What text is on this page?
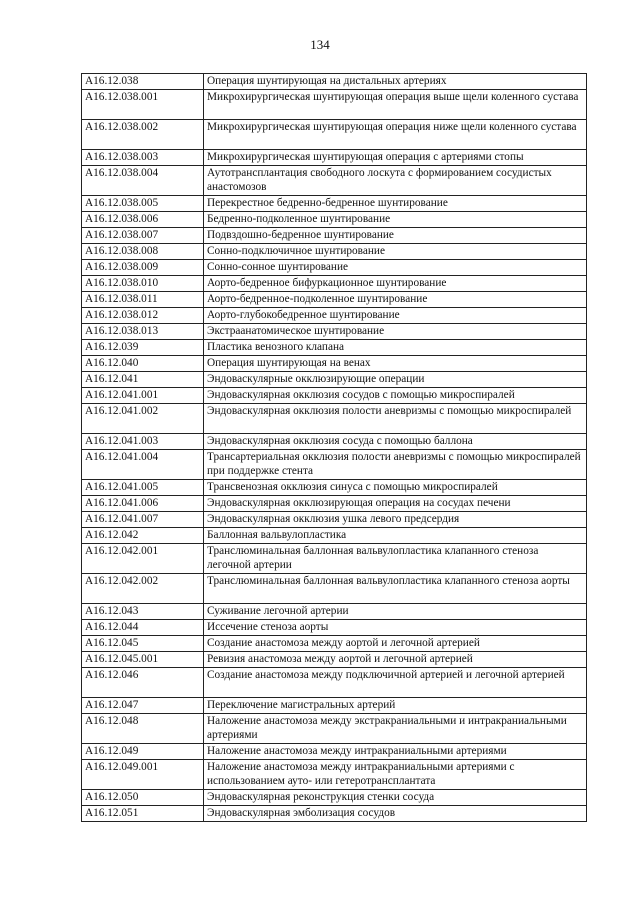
134
A16.12.038	Операция шунтирующая на дистальных артериях
A16.12.038.001	Микрохирургическая шунтирующая операция выше щели коленного сустава
A16.12.038.002	Микрохирургическая шунтирующая операция ниже щели коленного сустава
A16.12.038.003	Микрохирургическая шунтирующая операция с артериями стопы
A16.12.038.004	Аутотрансплантация свободного лоскута с формированием сосудистых анастомозов
A16.12.038.005	Перекрестное бедренно-бедренное шунтирование
A16.12.038.006	Бедренно-подколенное шунтирование
A16.12.038.007	Подвздошно-бедренное шунтирование
A16.12.038.008	Сонно-подключичное шунтирование
A16.12.038.009	Сонно-сонное шунтирование
A16.12.038.010	Аорто-бедренное бифуркационное шунтирование
A16.12.038.011	Аорто-бедренное-подколенное шунтирование
A16.12.038.012	Аорто-глубокобедренное шунтирование
A16.12.038.013	Экстраанатомическое шунтирование
A16.12.039	Пластика венозного клапана
A16.12.040	Операция шунтирующая на венах
A16.12.041	Эндоваскулярные окклюзирующие операции
A16.12.041.001	Эндоваскулярная окклюзия сосудов с помощью микроспиралей
A16.12.041.002	Эндоваскулярная окклюзия полости аневризмы с помощью микроспиралей
A16.12.041.003	Эндоваскулярная окклюзия сосуда с помощью баллона
A16.12.041.004	Трансартериальная окклюзия полости аневризмы с помощью микроспиралей при поддержке стента
A16.12.041.005	Трансвенозная окклюзия синуса с помощью микроспиралей
A16.12.041.006	Эндоваскулярная окклюзирующая операция на сосудах печени
A16.12.041.007	Эндоваскулярная окклюзия ушка левого предсердия
A16.12.042	Баллонная вальвулопластика
A16.12.042.001	Транслюминальная баллонная вальвулопластика клапанного стеноза легочной артерии
A16.12.042.002	Транслюминальная баллонная вальвулопластика клапанного стеноза аорты
A16.12.043	Суживание легочной артерии
A16.12.044	Иссечение стеноза аорты
A16.12.045	Создание анастомоза между аортой и легочной артерией
A16.12.045.001	Ревизия анастомоза между аортой и легочной артерией
A16.12.046	Создание анастомоза между подключичной артерией и легочной артерией
A16.12.047	Переключение магистральных артерий
A16.12.048	Наложение анастомоза между экстракраниальными и интракраниальными артериями
A16.12.049	Наложение анастомоза между интракраниальными артериями
A16.12.049.001	Наложение анастомоза между интракраниальными артериями с использованием ауто- или гетеротрансплантата
A16.12.050	Эндоваскулярная реконструкция стенки сосуда
A16.12.051	Эндоваскулярная эмболизация сосудов
